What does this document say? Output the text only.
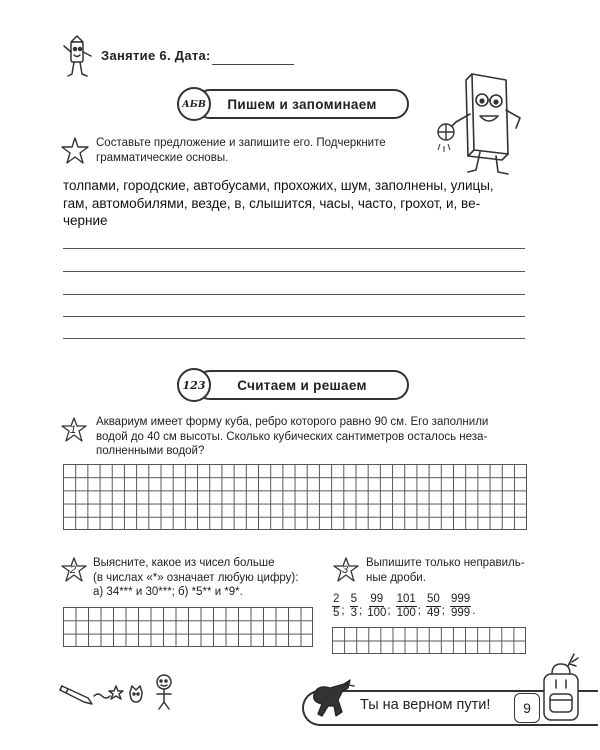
Занятие 6. Дата:
Пишем и запоминаем
АБВ
Составьте предложение и запишите его. Подчеркните
грамматические основы.
толпами, городские, автобусами, прохожих, шум, заполнены, улицы,
гам, автомобилями, везде, в, слышится, часы, часто, грохот, и, ве-
черние
Считаем и решаем
123
1
Аквариум имеет форму куба, ребро которого равно 90 см. Его заполнили
водой до 40 см высоты. Сколько кубических сантиметров осталось неза-
полненными водой?
2
Выясните, какое из чисел больше
(в числах «*» означает любую цифру):
а) 34*** и 30***; б) *5** и *9*.
3
Выпишите только неправиль-
ные дроби.
$\frac{2}{5}$ ; $\frac{5}{3}$ ; $\frac{99}{100}$ ; $\frac{101}{100}$ ; $\frac{50}{49}$ ; $\frac{999}{999}$ .
Ты на верном пути!	9
